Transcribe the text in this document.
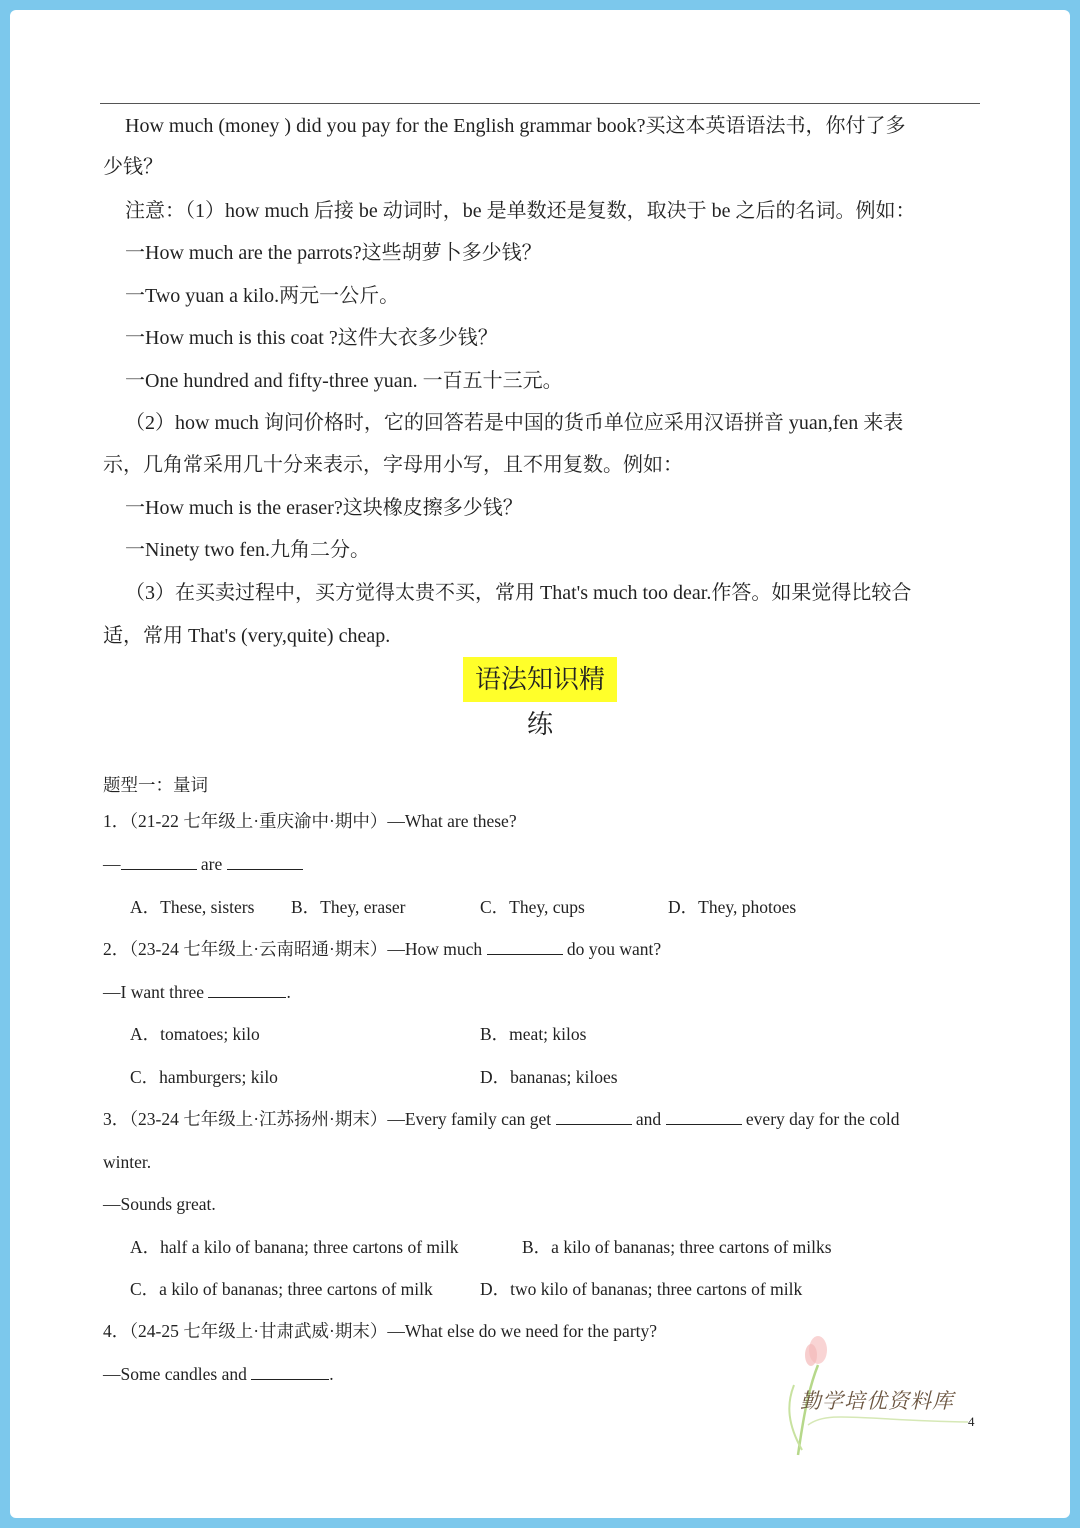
How much (money ) did you pay for the English grammar book?买这本英语语法书，你付了多
少钱？
注意：（1）how much 后接 be 动词时，be 是单数还是复数，取决于 be 之后的名词。例如：
一How much are the parrots?这些胡萝卜多少钱？
一Two yuan a kilo.两元一公斤。
一How much is this coat ?这件大衣多少钱？
一One hundred and fifty-three yuan. 一百五十三元。
（2）how much 询问价格时，它的回答若是中国的货币单位应采用汉语拼音 yuan,fen 来表
示，几角常采用几十分来表示，字母用小写，且不用复数。例如：
一How much is the eraser?这块橡皮擦多少钱？
一Ninety two fen.九角二分。
（3）在买卖过程中，买方觉得太贵不买，常用 That's much too dear.作答。如果觉得比较合
适，常用 That's (very,quite) cheap.
语法知识精练
题型一：量词
1．（21-22 七年级上·重庆渝中·期中）—What are these?
—	are
A．These, sisters B．They, eraser	C．They, cups	D．They, photoes
2．（23-24 七年级上·云南昭通·期末）—How much	do you want?
—I want three	.
A．tomatoes; kilo	B．meat; kilos
C．hamburgers; kilo	D．bananas; kiloes
3．（23-24 七年级上·江苏扬州·期末）—Every family can get	and	every day for the cold
winter.
—Sounds great.
A．half a kilo of banana; three cartons of milk	B．a kilo of bananas; three cartons of milks
C．a kilo of bananas; three cartons of milk	D．two kilo of bananas; three cartons of milk
4．（24-25 七年级上·甘肃武威·期末）—What else do we need for the party?
—Some candles and	.
勤学培优资料库
4
